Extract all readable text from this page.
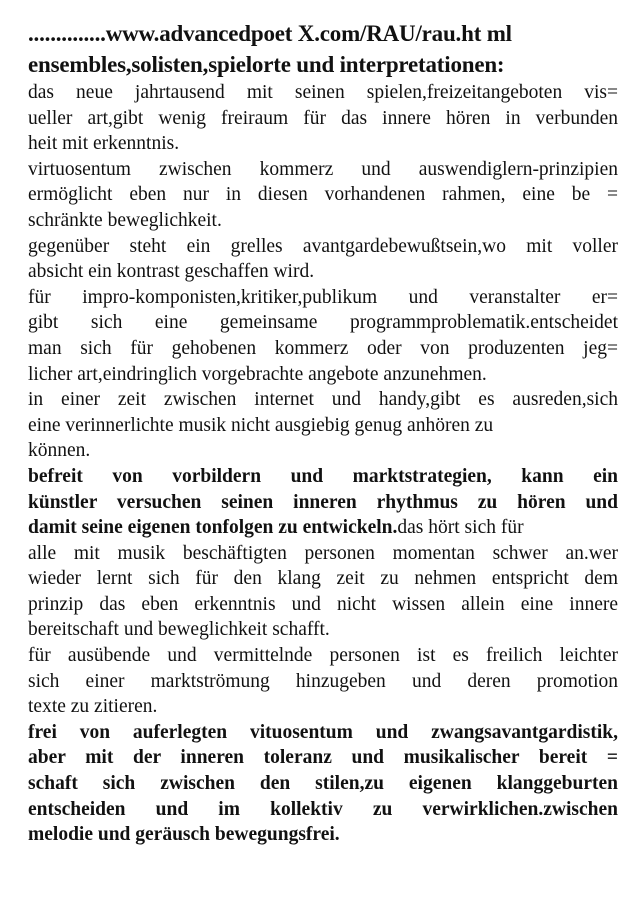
..............www.advancedpoet X.com/RAU/rau.ht ml
ensembles,solisten,spielorte und interpretationen:
das neue jahrtausend mit seinen spielen,freizeitangeboten vis=
ueller art,gibt wenig freiraum für das innere hören in verbunden
heit mit erkenntnis.
virtuosentum zwischen kommerz und auswendiglern-prinzipien
ermöglicht eben nur in diesen vorhandenen rahmen, eine be =
schränkte beweglichkeit.
gegenüber steht ein grelles avantgardebewußtsein,wo mit voller
absicht ein kontrast geschaffen wird.
für impro-komponisten,kritiker,publikum und veranstalter er=
gibt sich eine gemeinsame programmproblematik.entscheidet
man sich für gehobenen kommerz oder von produzenten jeg=
licher art,eindringlich vorgebrachte angebote anzunehmen.
in einer zeit zwischen internet und handy,gibt es ausreden,sich
eine verinnerlichte musik nicht ausgiebig genug anhören zu
können.
befreit von vorbildern und marktstrategien, kann ein
künstler versuchen seinen inneren rhythmus zu hören und
damit seine eigenen tonfolgen zu entwickeln.das hört sich für
alle mit musik beschäftigten personen momentan schwer an.wer
wieder lernt sich für den klang zeit zu nehmen entspricht dem
prinzip das eben erkenntnis und nicht wissen allein eine innere
bereitschaft und beweglichkeit schafft.
für ausübende und vermittelnde personen ist es freilich leichter
sich einer marktströmung hinzugeben und deren promotion
texte zu zitieren.
frei von auferlegten vituosentum und zwangsavantgardistik,
aber mit der inneren toleranz und musikalischer bereit =
schaft sich zwischen den stilen,zu eigenen klanggeburten
entscheiden und im kollektiv zu verwirklichen.zwischen
melodie und geräusch bewegungsfrei.
